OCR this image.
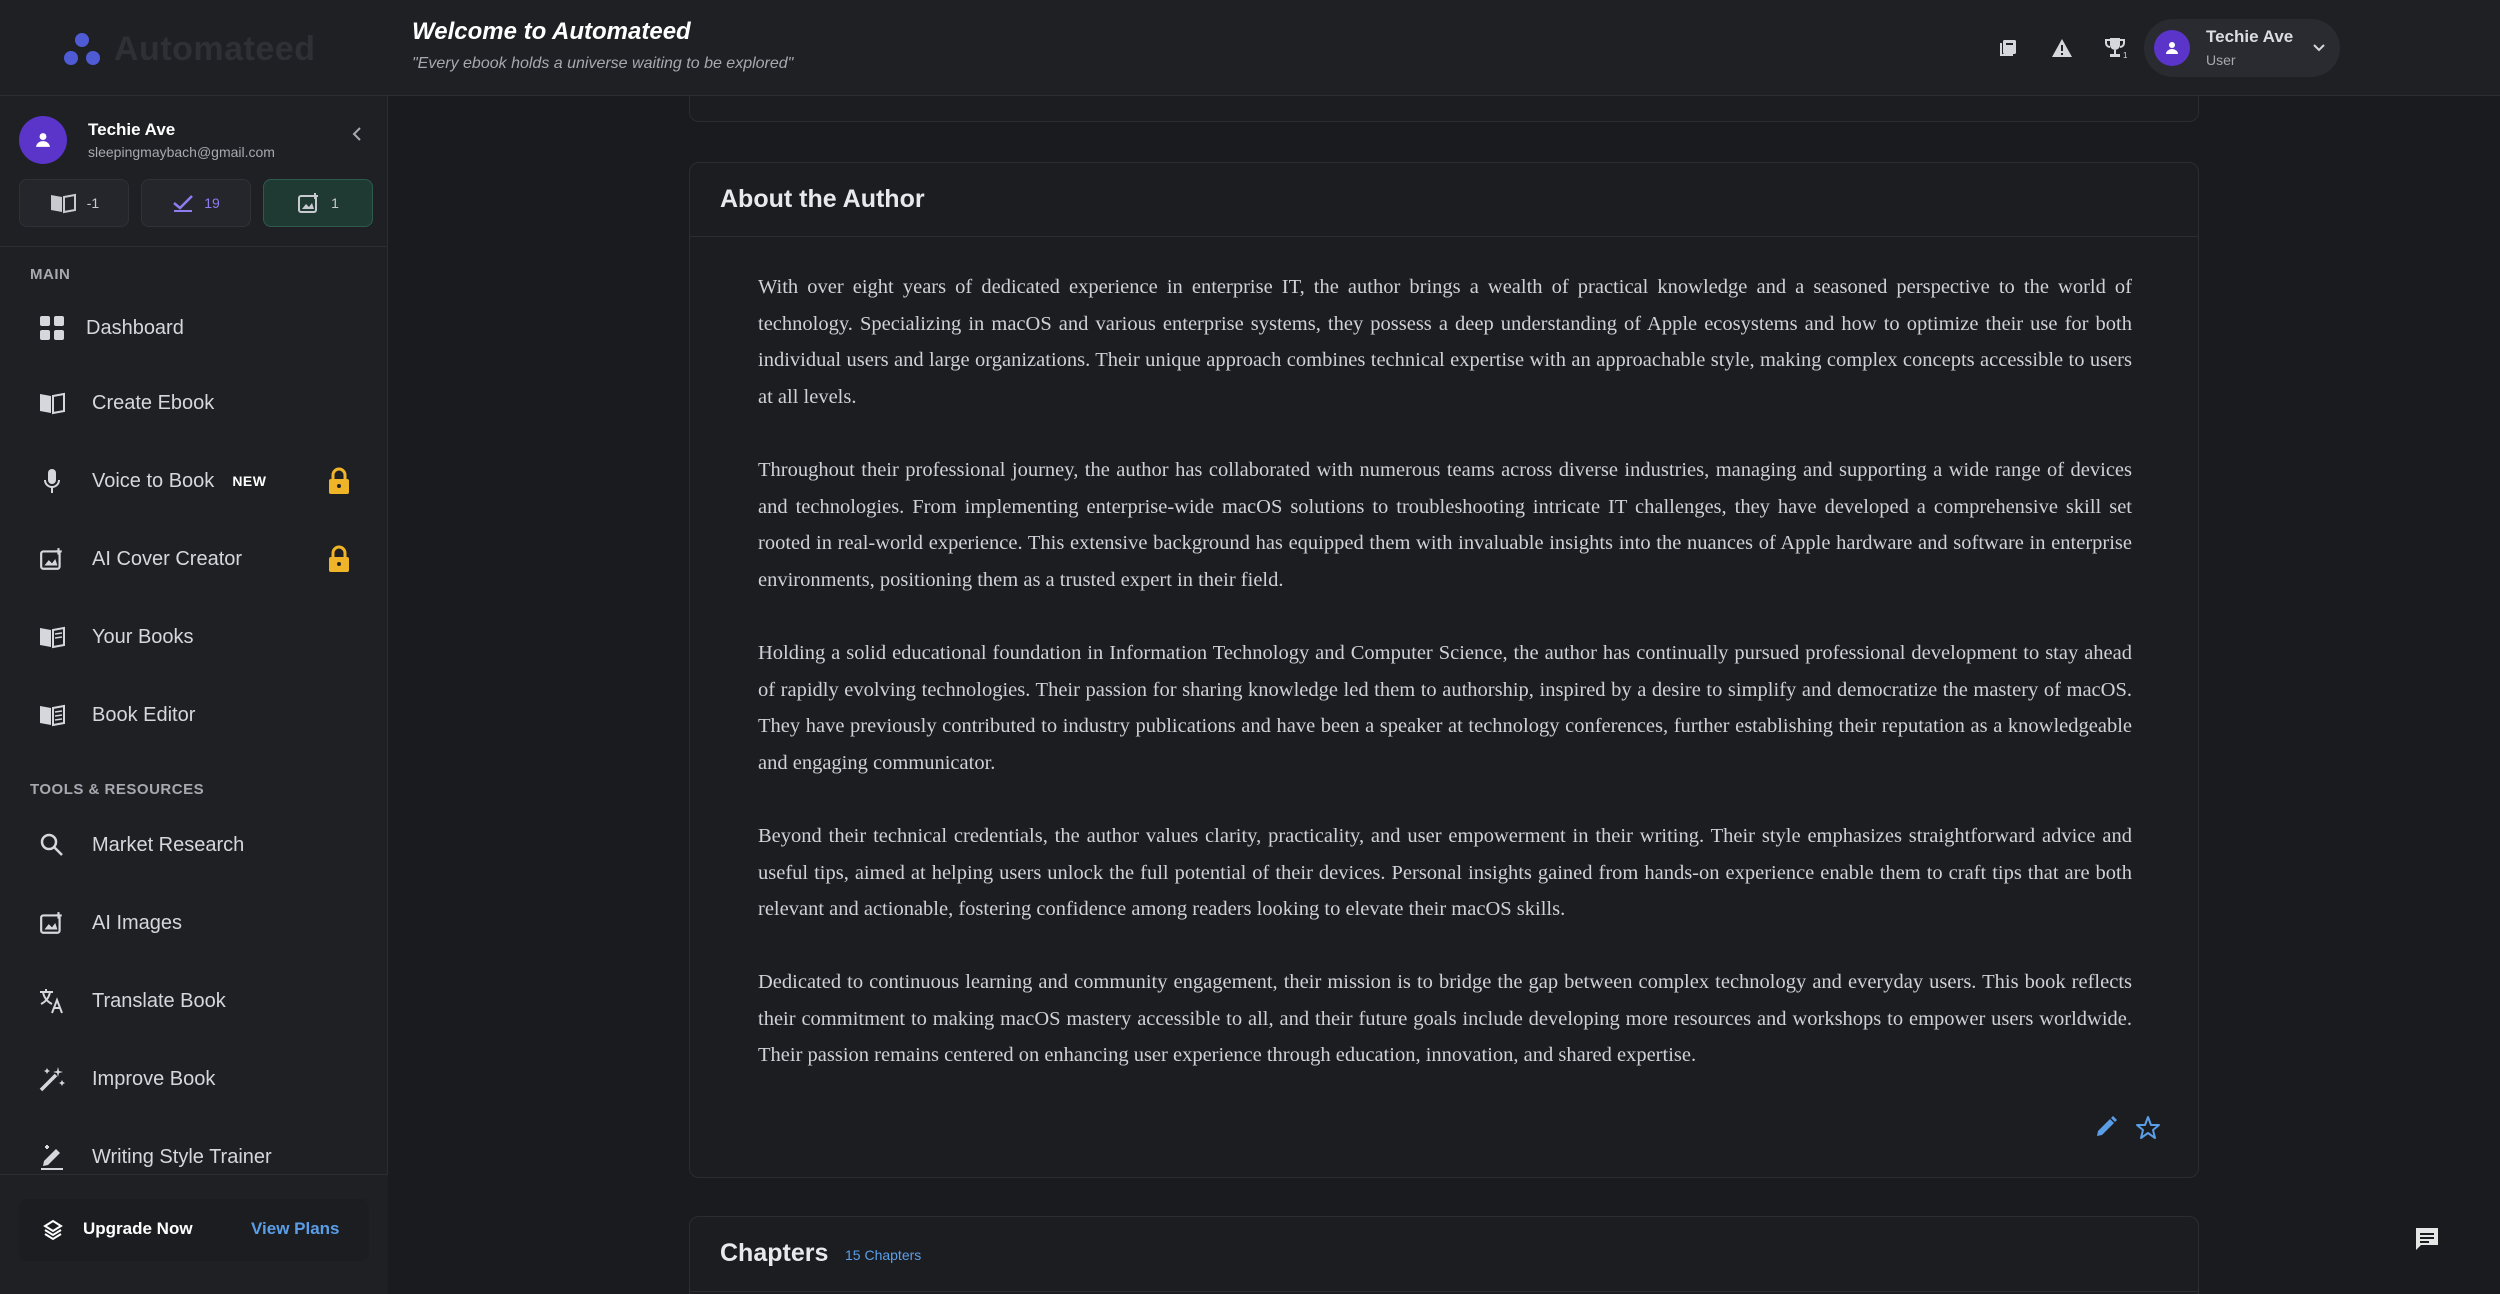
Automateed	Welcome to Automateed
"Every ebook holds a universe waiting to be explored"	1
Techie Ave
User
Techie Ave
sleepingmaybach@gmail.com
-1	19	1
MAIN
Dashboard
Create Ebook
Voice to Book NEW
AI Cover Creator
Your Books
Book Editor
TOOLS & RESOURCES
Market Research
AI Images
Translate Book
Improve Book
Writing Style Trainer
Upgrade Now	View Plans
About the Author

With over eight years of dedicated experience in enterprise IT, the author brings a wealth of practical knowledge and a seasoned perspective to the world of technology. Specializing in macOS and various enterprise systems, they possess a deep understanding of Apple ecosystems and how to optimize their use for both individual users and large organizations. Their unique approach combines technical expertise with an approachable style, making complex concepts accessible to users at all levels.

Throughout their professional journey, the author has collaborated with numerous teams across diverse industries, managing and supporting a wide range of devices and technologies. From implementing enterprise-wide macOS solutions to troubleshooting intricate IT challenges, they have developed a comprehensive skill set rooted in real-world experience. This extensive background has equipped them with invaluable insights into the nuances of Apple hardware and software in enterprise environments, positioning them as a trusted expert in their field.

Holding a solid educational foundation in Information Technology and Computer Science, the author has continually pursued professional development to stay ahead of rapidly evolving technologies. Their passion for sharing knowledge led them to authorship, inspired by a desire to simplify and democratize the mastery of macOS. They have previously contributed to industry publications and have been a speaker at technology conferences, further establishing their reputation as a knowledgeable and engaging communicator.

Beyond their technical credentials, the author values clarity, practicality, and user empowerment in their writing. Their style emphasizes straightforward advice and useful tips, aimed at helping users unlock the full potential of their devices. Personal insights gained from hands-on experience enable them to craft tips that are both relevant and actionable, fostering confidence among readers looking to elevate their macOS skills.

Dedicated to continuous learning and community engagement, their mission is to bridge the gap between complex technology and everyday users. This book reflects their commitment to making macOS mastery accessible to all, and their future goals include developing more resources and workshops to empower users worldwide. Their passion remains centered on enhancing user experience through education, innovation, and shared expertise.

Chapters 15 Chapters
